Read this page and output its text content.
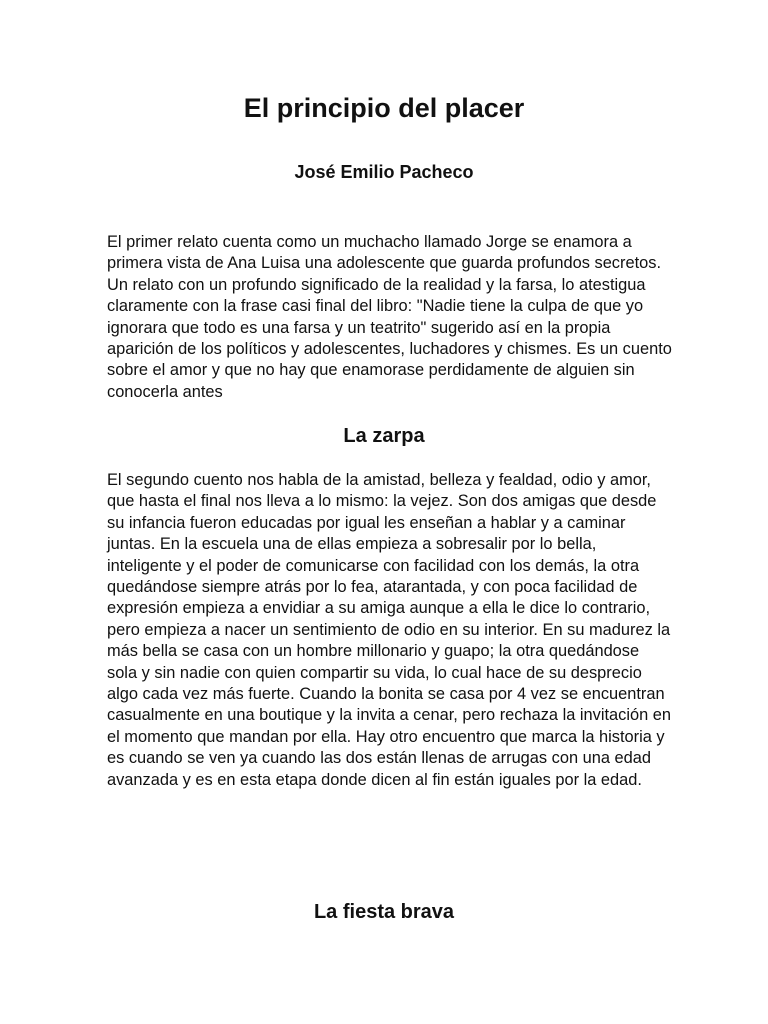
El principio del placer
José Emilio Pacheco

El primer relato cuenta como un muchacho llamado Jorge se enamora a primera vista de Ana Luisa una adolescente que guarda profundos secretos. Un relato con un profundo significado de la realidad y la farsa, lo atestigua claramente con la frase casi final del libro: "Nadie tiene la culpa de que yo ignorara que todo es una farsa y un teatrito" sugerido así en la propia aparición de los políticos y adolescentes, luchadores y chismes. Es un cuento sobre el amor y que no hay que enamorase perdidamente de alguien sin conocerla antes

La zarpa

El segundo cuento nos habla de la amistad, belleza y fealdad, odio y amor, que hasta el final nos lleva a lo mismo: la vejez. Son dos amigas que desde su infancia fueron educadas por igual les enseñan a hablar y a caminar juntas. En la escuela una de ellas empieza a sobresalir por lo bella, inteligente y el poder de comunicarse con facilidad con los demás, la otra quedándose siempre atrás por lo fea, atarantada, y con poca facilidad de expresión empieza a envidiar a su amiga aunque a ella le dice lo contrario, pero empieza a nacer un sentimiento de odio en su interior. En su madurez la más bella se casa con un hombre millonario y guapo; la otra quedándose sola y sin nadie con quien compartir su vida, lo cual hace de su desprecio algo cada vez más fuerte. Cuando la bonita se casa por 4 vez se encuentran casualmente en una boutique y la invita a cenar, pero rechaza la invitación en el momento que mandan por ella. Hay otro encuentro que marca la historia y es cuando se ven ya cuando las dos están llenas de arrugas con una edad avanzada y es en esta etapa donde dicen al fin están iguales por la edad.

La fiesta brava
